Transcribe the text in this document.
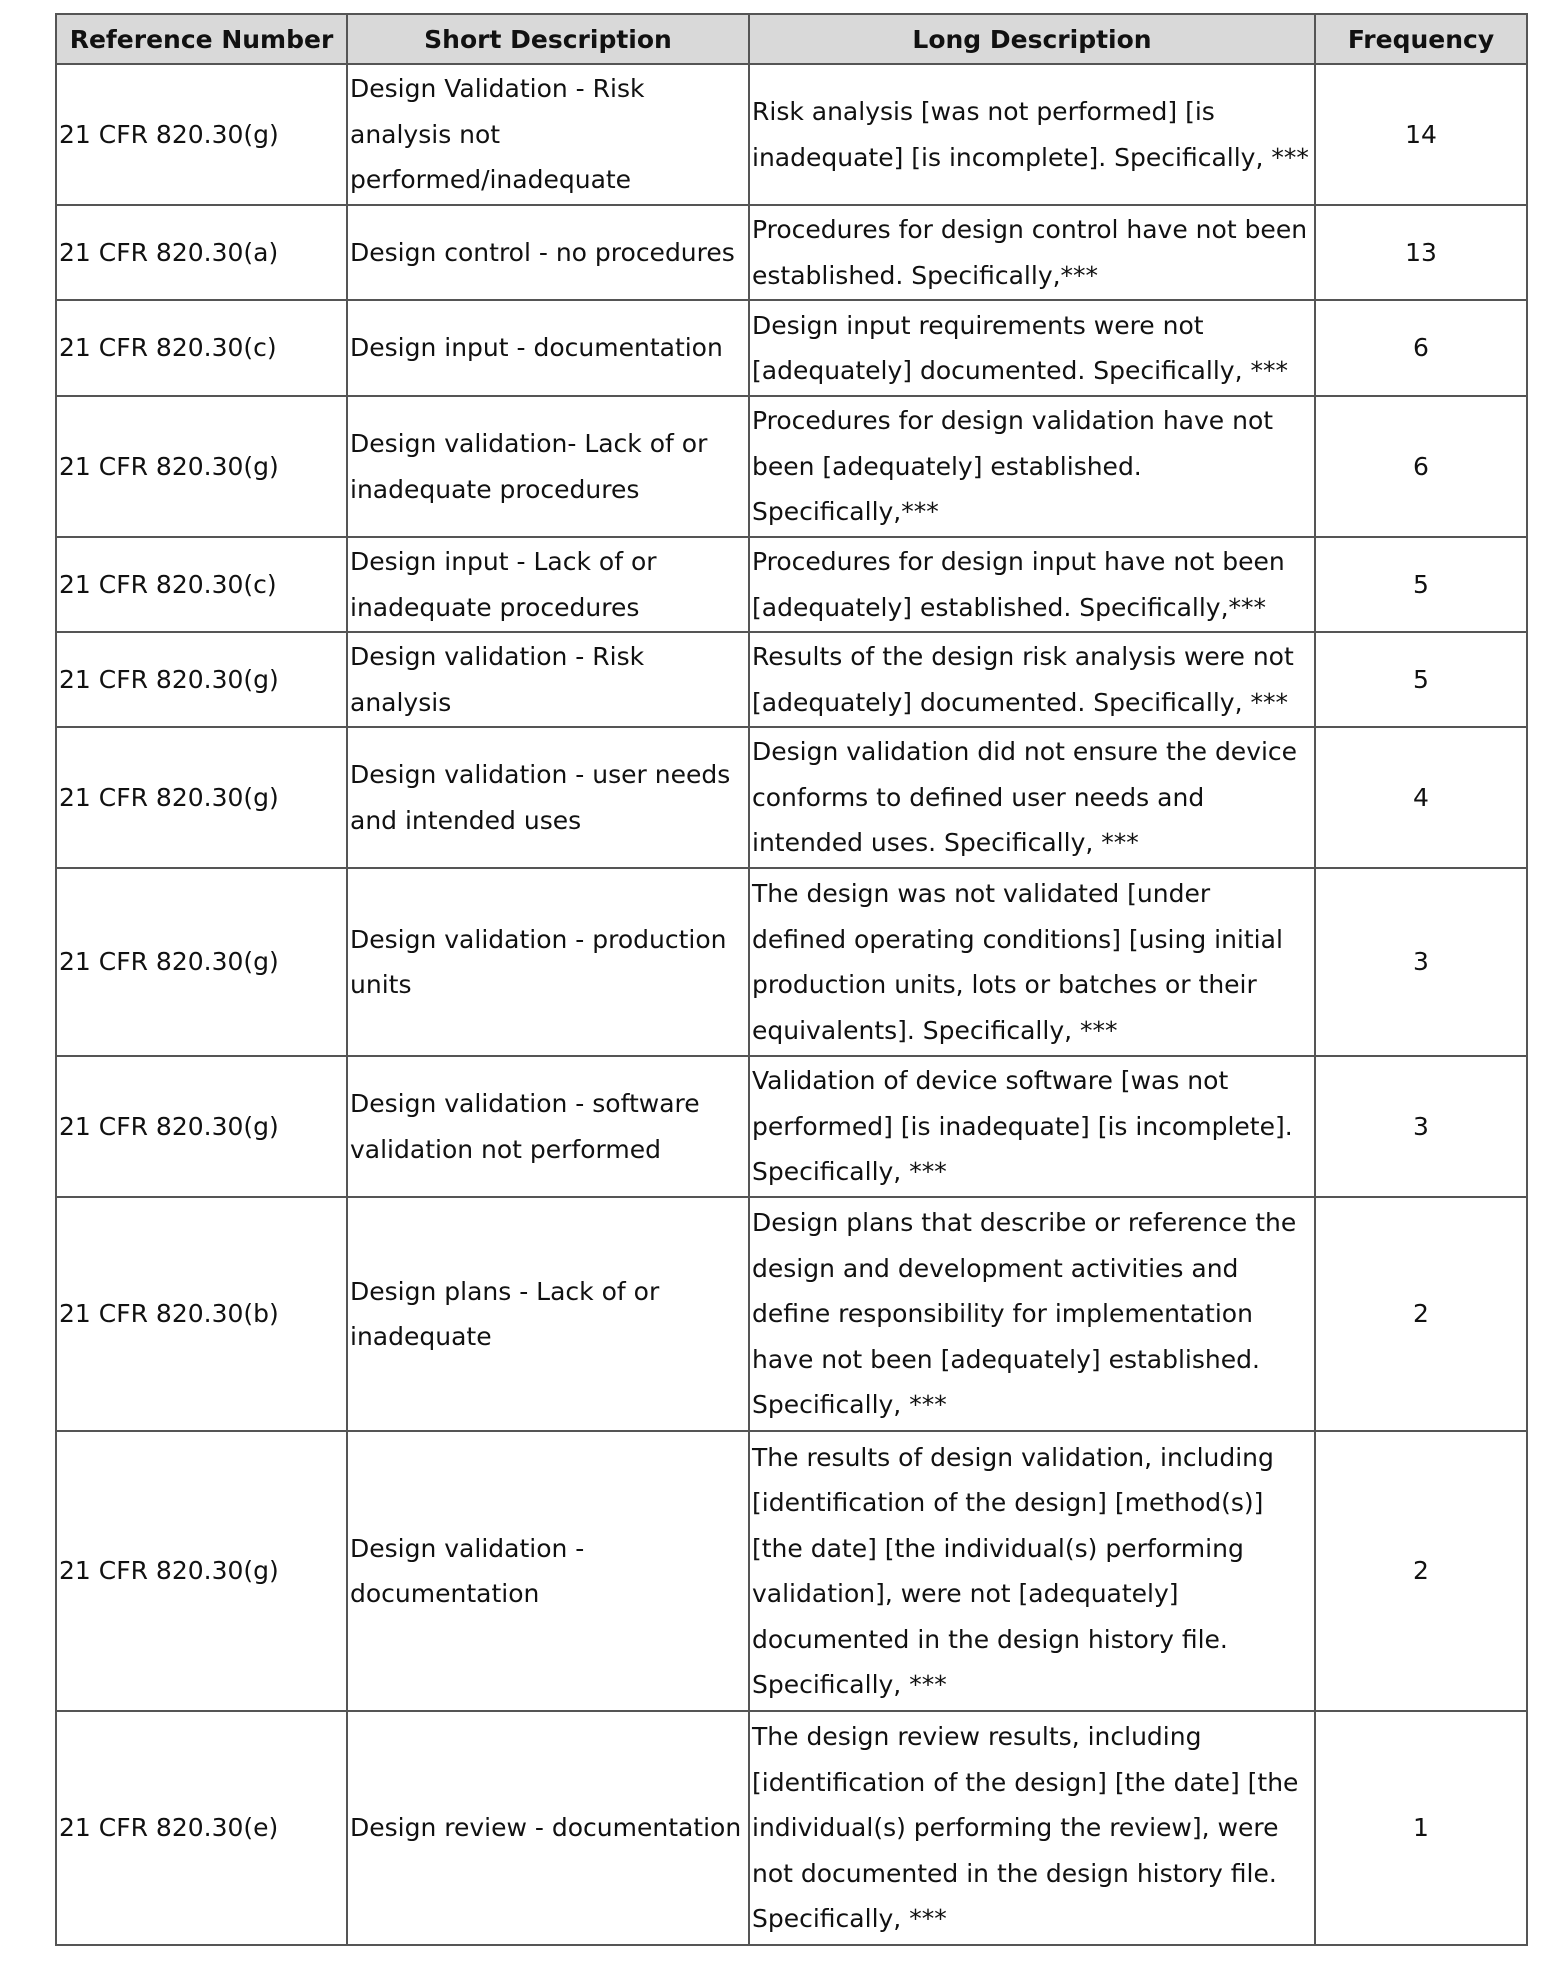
Reference Number	Short Description	Long Description	Frequency
21 CFR 820.30(g)	Design Validation - Risk analysis not performed/inadequate	Risk analysis [was not performed] [is inadequate] [is incomplete]. Specifically, ***	14
21 CFR 820.30(a)	Design control - no procedures	Procedures for design control have not been established. Specifically,***	13
21 CFR 820.30(c)	Design input - documentation	Design input requirements were not [adequately] documented. Specifically, ***	6
21 CFR 820.30(g)	Design validation- Lack of or inadequate procedures	Procedures for design validation have not been [adequately] established. Specifically,***	6
21 CFR 820.30(c)	Design input - Lack of or inadequate procedures	Procedures for design input have not been [adequately] established. Specifically,***	5
21 CFR 820.30(g)	Design validation - Risk analysis	Results of the design risk analysis were not [adequately] documented. Specifically, ***	5
21 CFR 820.30(g)	Design validation - user needs and intended uses	Design validation did not ensure the device conforms to defined user needs and intended uses. Specifically, ***	4
21 CFR 820.30(g)	Design validation - production units	The design was not validated [under defined operating conditions] [using initial production units, lots or batches or their equivalents]. Specifically, ***	3
21 CFR 820.30(g)	Design validation - software validation not performed	Validation of device software [was not performed] [is inadequate] [is incomplete]. Specifically, ***	3
21 CFR 820.30(b)	Design plans - Lack of or inadequate	Design plans that describe or reference the design and development activities and define responsibility for implementation have not been [adequately] established. Specifically, ***	2
21 CFR 820.30(g)	Design validation - documentation	The results of design validation, including [identification of the design] [method(s)] [the date] [the individual(s) performing validation], were not [adequately] documented in the design history file. Specifically, ***	2
21 CFR 820.30(e)	Design review - documentation	The design review results, including [identification of the design] [the date] [the individual(s) performing the review], were not documented in the design history file. Specifically, ***	1
